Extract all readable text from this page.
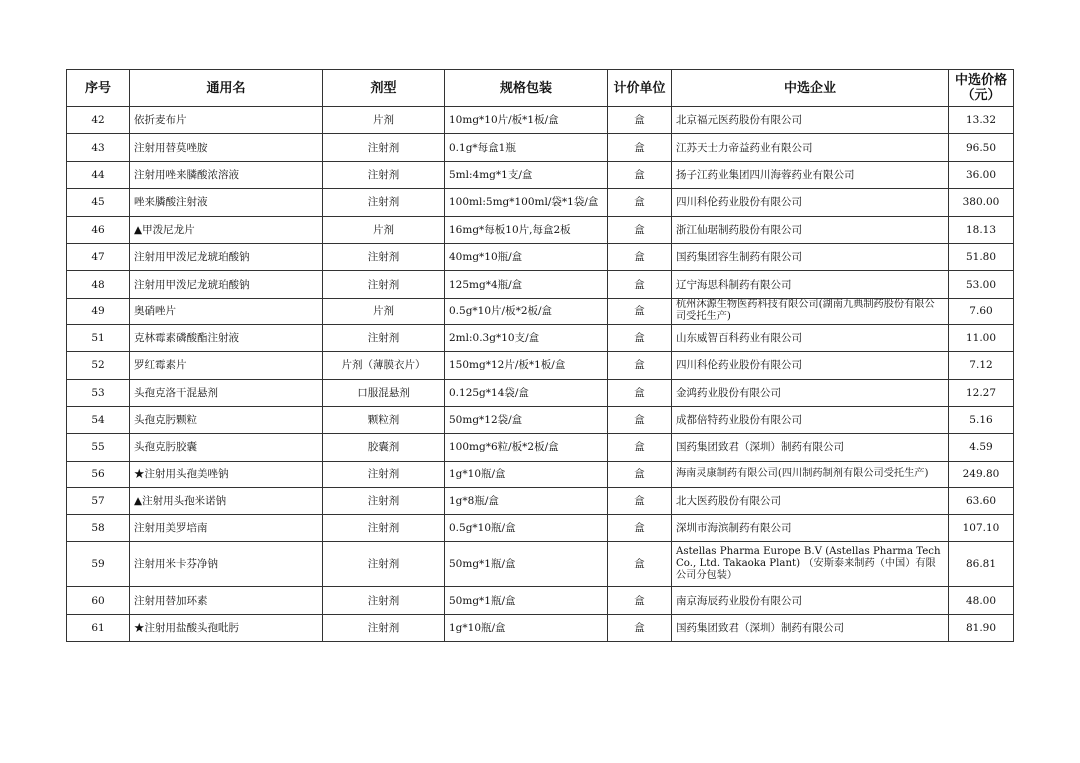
序号	通用名	剂型	规格包装	计价单位	中选企业	中选价格（元）
42	依折麦布片	片剂	10mg*10片/板*1板/盒	盒	北京福元医药股份有限公司	13.32
43	注射用替莫唑胺	注射剂	0.1g*每盒1瓶	盒	江苏天士力帝益药业有限公司	96.50
44	注射用唑来膦酸浓溶液	注射剂	5ml:4mg*1支/盒	盒	扬子江药业集团四川海蓉药业有限公司	36.00
45	唑来膦酸注射液	注射剂	100ml:5mg*100ml/袋*1袋/盒	盒	四川科伦药业股份有限公司	380.00
46	▲甲泼尼龙片	片剂	16mg*每板10片,每盒2板	盒	浙江仙琚制药股份有限公司	18.13
47	注射用甲泼尼龙琥珀酸钠	注射剂	40mg*10瓶/盒	盒	国药集团容生制药有限公司	51.80
48	注射用甲泼尼龙琥珀酸钠	注射剂	125mg*4瓶/盒	盒	辽宁海思科制药有限公司	53.00
49	奥硝唑片	片剂	0.5g*10片/板*2板/盒	盒	杭州沐源生物医药科技有限公司(湖南九典制药股份有限公司受托生产)	7.60
51	克林霉素磷酸酯注射液	注射剂	2ml:0.3g*10支/盒	盒	山东威智百科药业有限公司	11.00
52	罗红霉素片	片剂（薄膜衣片）	150mg*12片/板*1板/盒	盒	四川科伦药业股份有限公司	7.12
53	头孢克洛干混悬剂	口服混悬剂	0.125g*14袋/盒	盒	金鸿药业股份有限公司	12.27
54	头孢克肟颗粒	颗粒剂	50mg*12袋/盒	盒	成都倍特药业股份有限公司	5.16
55	头孢克肟胶囊	胶囊剂	100mg*6粒/板*2板/盒	盒	国药集团致君（深圳）制药有限公司	4.59
56	★注射用头孢美唑钠	注射剂	1g*10瓶/盒	盒	海南灵康制药有限公司(四川制药制剂有限公司受托生产)	249.80
57	▲注射用头孢米诺钠	注射剂	1g*8瓶/盒	盒	北大医药股份有限公司	63.60
58	注射用美罗培南	注射剂	0.5g*10瓶/盒	盒	深圳市海滨制药有限公司	107.10
59	注射用米卡芬净钠	注射剂	50mg*1瓶/盒	盒	Astellas Pharma Europe B.V (Astellas Pharma Tech Co., Ltd. Takaoka Plant) （安斯泰来制药（中国）有限公司分包装）	86.81
60	注射用替加环素	注射剂	50mg*1瓶/盒	盒	南京海辰药业股份有限公司	48.00
61	★注射用盐酸头孢吡肟	注射剂	1g*10瓶/盒	盒	国药集团致君（深圳）制药有限公司	81.90
